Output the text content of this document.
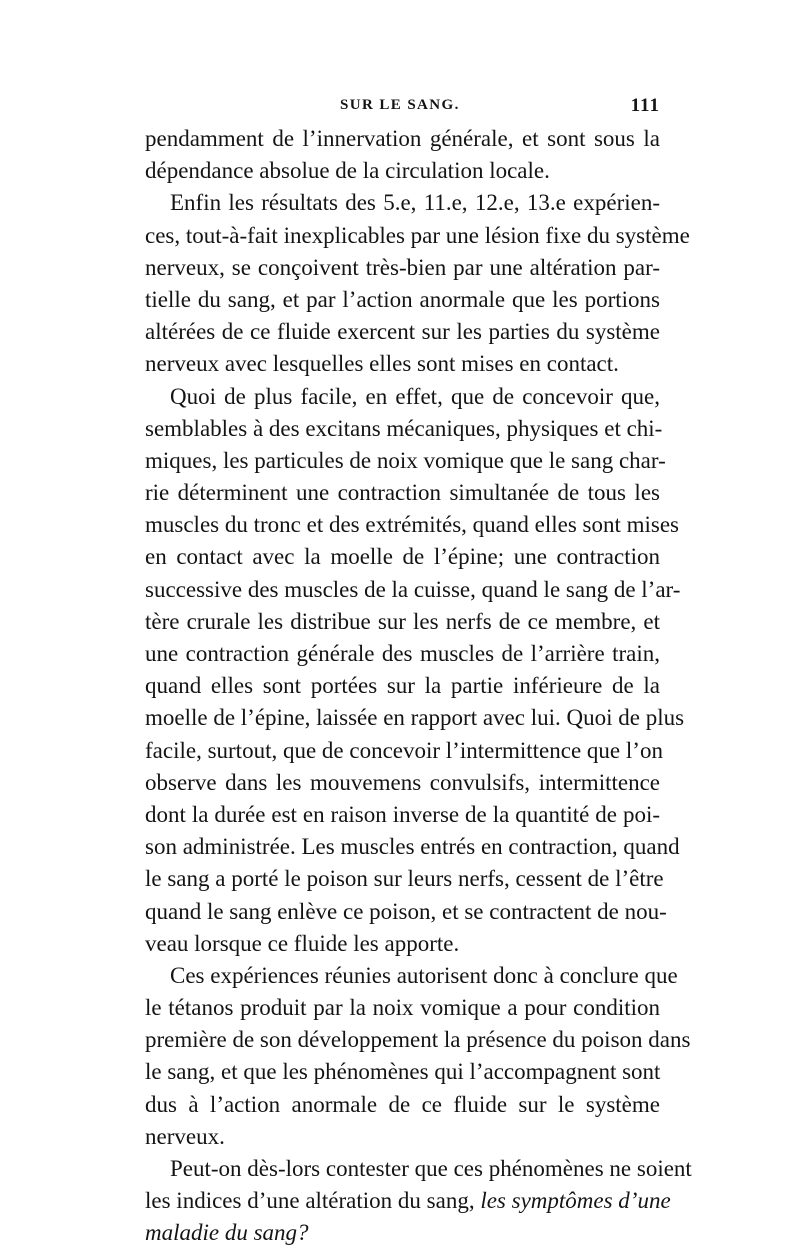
SUR LE SANG.	111
pendamment de l’innervation générale, et sont sous la
dépendance absolue de la circulation locale.
Enfin les résultats des 5.e, 11.e, 12.e, 13.e expérien-
ces, tout-à-fait inexplicables par une lésion fixe du système
nerveux, se conçoivent très-bien par une altération par-
tielle du sang, et par l’action anormale que les portions
altérées de ce fluide exercent sur les parties du système
nerveux avec lesquelles elles sont mises en contact.
Quoi de plus facile, en effet, que de concevoir que,
semblables à des excitans mécaniques, physiques et chi-
miques, les particules de noix vomique que le sang char-
rie déterminent une contraction simultanée de tous les
muscles du tronc et des extrémités, quand elles sont mises
en contact avec la moelle de l’épine; une contraction
successive des muscles de la cuisse, quand le sang de l’ar-
tère crurale les distribue sur les nerfs de ce membre, et
une contraction générale des muscles de l’arrière train,
quand elles sont portées sur la partie inférieure de la
moelle de l’épine, laissée en rapport avec lui. Quoi de plus
facile, surtout, que de concevoir l’intermittence que l’on
observe dans les mouvemens convulsifs, intermittence
dont la durée est en raison inverse de la quantité de poi-
son administrée. Les muscles entrés en contraction, quand
le sang a porté le poison sur leurs nerfs, cessent de l’être
quand le sang enlève ce poison, et se contractent de nou-
veau lorsque ce fluide les apporte.
Ces expériences réunies autorisent donc à conclure que
le tétanos produit par la noix vomique a pour condition
première de son développement la présence du poison dans
le sang, et que les phénomènes qui l’accompagnent sont
dus à l’action anormale de ce fluide sur le système
nerveux.
Peut-on dès-lors contester que ces phénomènes ne soient
les indices d’une altération du sang, les symptômes d’une
maladie du sang?
